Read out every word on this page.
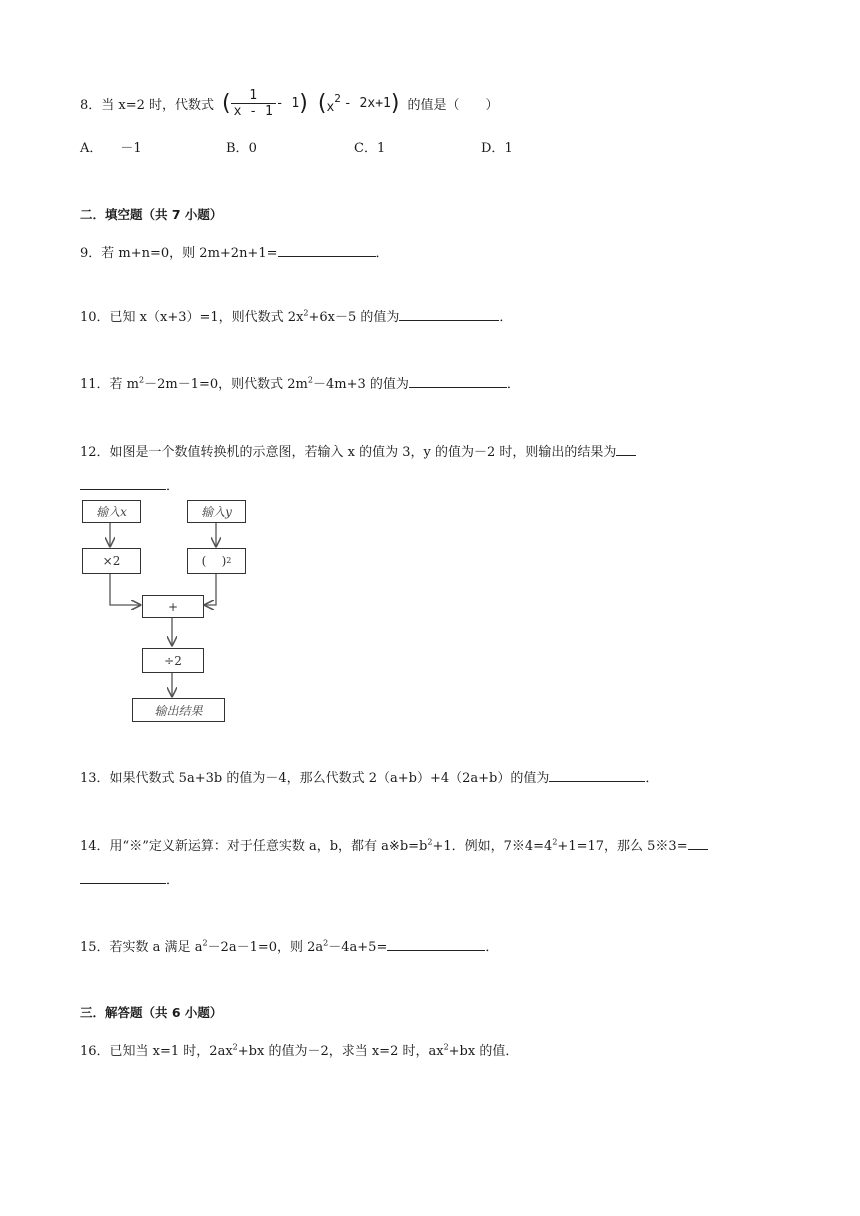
8． 当 x=2 时，代数式 ( $\frac{1}{x - 1} - 1$ ) ( x
2 - 2x+1 ) 的值是（　　）
A． －1	B．0	C．1	D．1
二．填空题（共 7 小题）
9．若 m+n=0，则 2m+2n+1=	．
10．已知 x（x+3）=1，则代数式 $2x^2+6x-5$ 的值为	．
11．若 $m^2-2m-1=0$，则代数式 $2m^2-4m+3$ 的值为	．
12．如图是一个数值转换机的示意图，若输入 x 的值为 3，y 的值为－2 时，则输出的结果为
．
输入x	输入y
×2	(    ) 2
+
÷2
输出结果
13．如果代数式 5a+3b 的值为－4，那么代数式 2（a+b）+4（2a+b）的值为	．
14．用“※”定义新运算：对于任意实数 a，b，都有 $a※b=b^2+1$．例如，$7※4=4^2+1=17$，那么 5※3=
．
15．若实数 a 满足 $a^2-2a-1=0$，则 $2a^2-4a+5=$	．
三．解答题（共 6 小题）
16．已知当 x=1 时，$2ax^2+bx$ 的值为－2，求当 x=2 时，$ax^2+bx$ 的值．
